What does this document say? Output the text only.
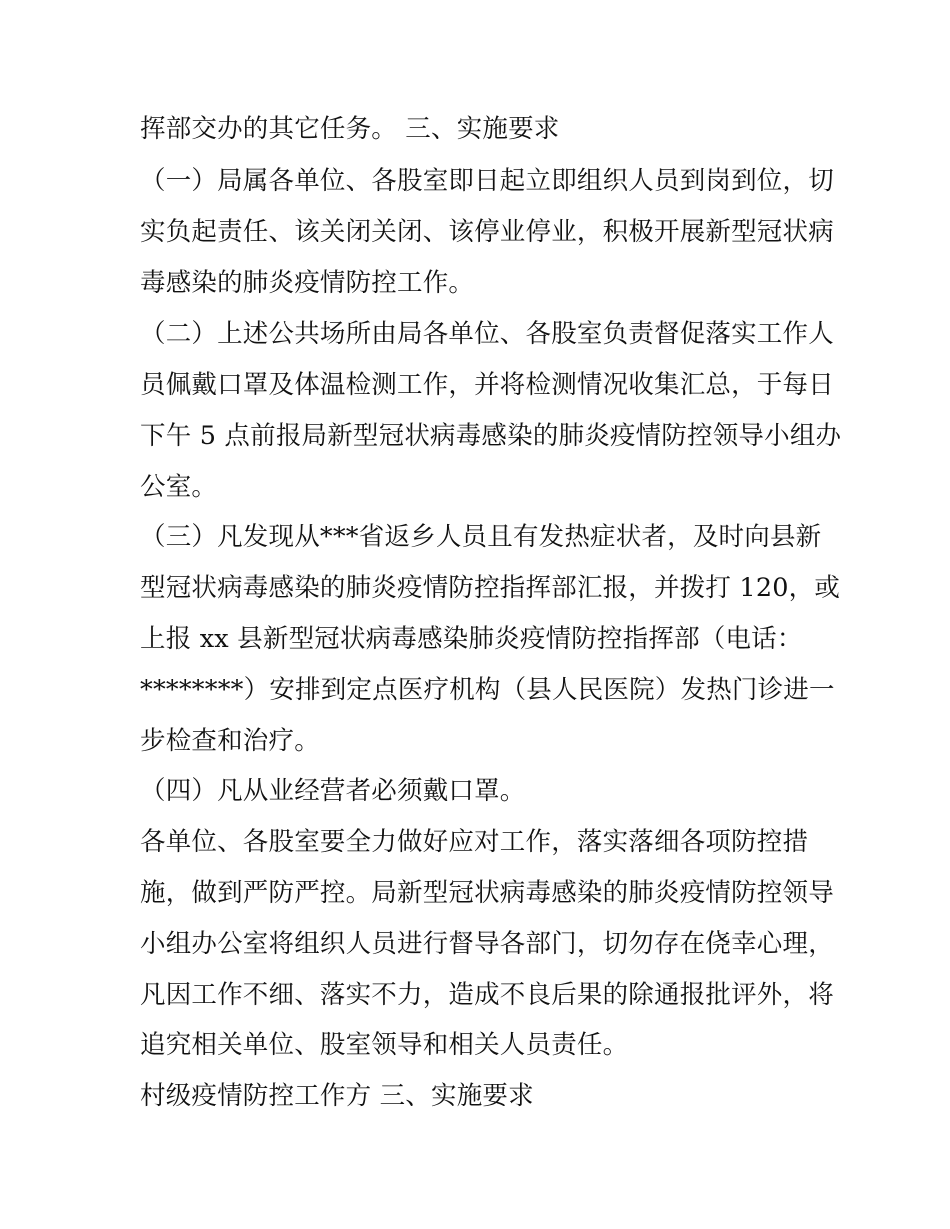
挥部交办的其它任务。 三、实施要求
（一）局属各单位、各股室即日起立即组织人员到岗到位，切
实负起责任、该关闭关闭、该停业停业，积极开展新型冠状病
毒感染的肺炎疫情防控工作。
（二）上述公共场所由局各单位、各股室负责督促落实工作人
员佩戴口罩及体温检测工作，并将检测情况收集汇总，于每日
下午 5 点前报局新型冠状病毒感染的肺炎疫情防控领导小组办
公室。
（三）凡发现从***省返乡人员且有发热症状者，及时向县新
型冠状病毒感染的肺炎疫情防控指挥部汇报，并拨打 120，或
上报 xx 县新型冠状病毒感染肺炎疫情防控指挥部（电话：
********）安排到定点医疗机构（县人民医院）发热门诊进一
步检查和治疗。
（四）凡从业经营者必须戴口罩。
各单位、各股室要全力做好应对工作，落实落细各项防控措
施，做到严防严控。局新型冠状病毒感染的肺炎疫情防控领导
小组办公室将组织人员进行督导各部门，切勿存在侥幸心理，
凡因工作不细、落实不力，造成不良后果的除通报批评外，将
追究相关单位、股室领导和相关人员责任。
村级疫情防控工作方 三、实施要求
